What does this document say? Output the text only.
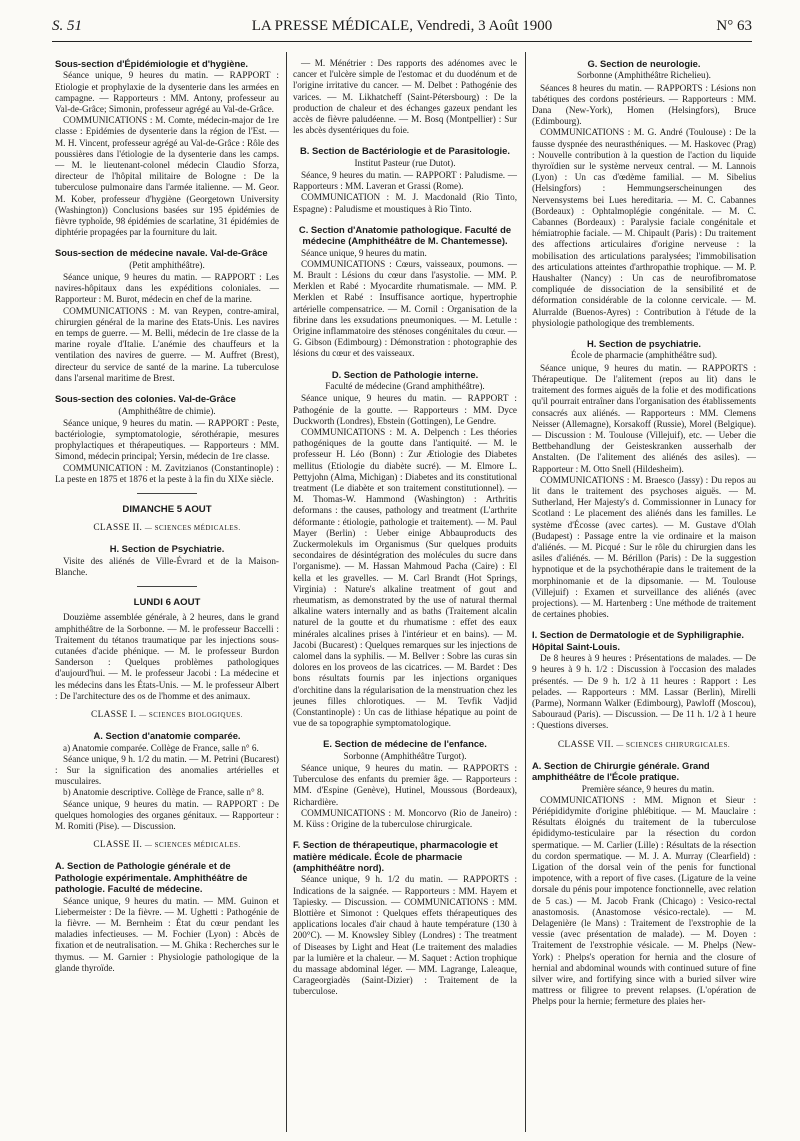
S. 51	LA PRESSE MÉDICALE, Vendredi, 3 Août 1900	N° 63
Sous-section d'Épidémiologie et d'hygiène.
Séance unique, 9 heures du matin. — RAPPORT : Etiologie et prophylaxie de la dysenterie dans les armées en campagne. — Rapporteurs : MM. Antony, professeur au Val-de-Grâce; Simonin, professeur agrégé au Val-de-Grâce.
COMMUNICATIONS : M. Comte, médecin-major de 1re classe : Epidémies de dysenterie dans la région de l'Est. — M. H. Vincent, professeur agrégé au Val-de-Grâce : Rôle des poussières dans l'étiologie de la dysenterie dans les camps. — M. le lieutenant-colonel médecin Claudio Sforza, directeur de l'hôpital militaire de Bologne : De la tuberculose pulmonaire dans l'armée italienne. — M. Geor. M. Kober, professeur d'hygiène (Georgetown University (Washington)) Conclusions basées sur 195 épidémies de fièvre typhoïde, 98 épidémies de scarlatine, 31 épidémies de diphtérie propagées par la fourniture du lait.
Sous-section de médecine navale. Val-de-Grâce
(Petit amphithéâtre).
Séance unique, 9 heures du matin. — RAPPORT : Les navires-hôpitaux dans les expéditions coloniales. — Rapporteur : M. Burot, médecin en chef de la marine.
COMMUNICATIONS : M. van Reypen, contre-amiral, chirurgien général de la marine des Etats-Unis. Les navires en temps de guerre. — M. Belli, médecin de 1re classe de la marine royale d'Italie. L'anémie des chauffeurs et la ventilation des navires de guerre. — M. Auffret (Brest), directeur du service de santé de la marine. La tuberculose dans l'arsenal maritime de Brest.
Sous-section des colonies. Val-de-Grâce
(Amphithéâtre de chimie).
Séance unique, 9 heures du matin. — RAPPORT : Peste, bactériologie, symptomatologie, sérothérapie, mesures prophylactiques et thérapeutiques. — Rapporteurs : MM. Simond, médecin principal; Yersin, médecin de 1re classe.
COMMUNICATION : M. Zavitzianos (Constantinople) : La peste en 1875 et 1876 et la peste à la fin du XIXe siècle.
DIMANCHE 5 AOUT
CLASSE II. — SCIENCES MÉDICALES.
H. Section de Psychiatrie.
Visite des aliénés de Ville-Évrard et de la Maison-Blanche.
LUNDI 6 AOUT
Douzième assemblée générale, à 2 heures, dans le grand amphithéâtre de la Sorbonne. — M. le professeur Baccelli : Traitement du tétanos traumatique par les injections sous-cutanées d'acide phénique. — M. le professeur Burdon Sanderson : Quelques problèmes pathologiques d'aujourd'hui. — M. le professeur Jacobi : La médecine et les médecins dans les États-Unis. — M. le professeur Albert : De l'architecture des os de l'homme et des animaux.
CLASSE I. — SCIENCES BIOLOGIQUES.
A. Section d'anatomie comparée.
a) Anatomie comparée. Collège de France, salle n° 6.
Séance unique, 9 h. 1/2 du matin. — M. Petrini (Bucarest) : Sur la signification des anomalies artérielles et musculaires.
b) Anatomie descriptive. Collège de France, salle n° 8.
Séance unique, 9 heures du matin. — RAPPORT : De quelques homologies des organes génitaux. — Rapporteur : M. Romiti (Pise). — Discussion.
CLASSE II. — SCIENCES MÉDICALES.
A. Section de Pathologie générale et de Pathologie expérimentale. Amphithéâtre de pathologie. Faculté de médecine.
Séance unique, 9 heures du matin. — MM. Guinon et Liebermeister : De la fièvre. — M. Ughetti : Pathogénie de la fièvre. — M. Bernheim : État du cœur pendant les maladies infectieuses. — M. Fochier (Lyon) : Abcès de fixation et de neutralisation. — M. Ghika : Recherches sur le thymus. — M. Garnier : Physiologie pathologique de la glande thyroïde.
— M. Ménétrier : Des rapports des adénomes avec le cancer et l'ulcère simple de l'estomac et du duodénum et de l'origine irritative du cancer. — M. Delbet : Pathogénie des varices. — M. Likhatcheff (Saint-Pétersbourg) : De la production de chaleur et des échanges gazeux pendant les accès de fièvre paludéenne. — M. Bosq (Montpellier) : Sur les abcès dysentériques du foie.
B. Section de Bactériologie et de Parasitologie.
Institut Pasteur (rue Dutot).
Séance, 9 heures du matin. — RAPPORT : Paludisme. — Rapporteurs : MM. Laveran et Grassi (Rome).
COMMUNICATION : M. J. Macdonald (Rio Tinto, Espagne) : Paludisme et moustiques à Rio Tinto.
C. Section d'Anatomie pathologique. Faculté de médecine (Amphithéâtre de M. Chantemesse).
Séance unique, 9 heures du matin.
COMMUNICATIONS : Cœurs, vaisseaux, poumons. — M. Brault : Lésions du cœur dans l'asystolie. — MM. P. Merklen et Rabé : Myocardite rhumatismale. — MM. P. Merklen et Rabé : Insuffisance aortique, hypertrophie artérielle compensatrice. — M. Cornil : Organisation de la fibrine dans les exsudations pneumoniques. — M. Letulle : Origine inflammatoire des sténoses congénitales du cœur. — G. Gibson (Edimbourg) : Démonstration : photographie des lésions du cœur et des vaisseaux.
D. Section de Pathologie interne.
Faculté de médecine (Grand amphithéâtre).
Séance unique, 9 heures du matin. — RAPPORT : Pathogénie de la goutte. — Rapporteurs : MM. Dyce Duckworth (Londres), Ebstein (Gottingen), Le Gendre.
COMMUNICATIONS : M. A. Delpench : Les théories pathogéniques de la goutte dans l'antiquité. — M. le professeur H. Léo (Bonn) : Zur Ætiologie des Diabetes mellitus (Etiologie du diabète sucré). — M. Elmore L. Pettyjohn (Alma, Michigan) : Diabetes and its constitutional treatment (Le diabète et son traitement constitutionnel). — M. Thomas-W. Hammond (Washington) : Arthritis deformans : the causes, pathology and treatment (L'arthrite déformante : étiologie, pathologie et traitement). — M. Paul Mayer (Berlin) : Ueber einige Abbauproducts des Zuckermolekuls im Organismus (Sur quelques produits secondaires de désintégration des molécules du sucre dans l'organisme). — M. Hassan Mahmoud Pacha (Caire) : El kella et les gravelles. — M. Carl Brandt (Hot Springs, Virginia) : Nature's alkaline treatment of gout and rheumatism, as demonstrated by the use of natural thermal alkaline waters internally and as baths (Traitement alcalin naturel de la goutte et du rhumatisme : effet des eaux minérales alcalines prises à l'intérieur et en bains). — M. Jacobi (Bucarest) : Quelques remarques sur les injections de calomel dans la syphilis. — M. Bellver : Sobre las curas sin dolores en los proveos de las cicatrices. — M. Bardet : Des bons résultats fournis par les injections organiques d'orchitine dans la régularisation de la menstruation chez les jeunes filles chlorotiques. — M. Tevfik Vadjid (Constantinople) : Un cas de lithiase hépatique au point de vue de sa topographie symptomatologique.
E. Section de médecine de l'enfance.
Sorbonne (Amphithéâtre Turgot).
Séance unique, 9 heures du matin. — RAPPORTS : Tuberculose des enfants du premier âge. — Rapporteurs : MM. d'Espine (Genève), Hutinel, Moussous (Bordeaux), Richardière.
COMMUNICATIONS : M. Moncorvo (Rio de Janeiro) : M. Küss : Origine de la tuberculose chirurgicale.
F. Section de thérapeutique, pharmacologie et matière médicale. École de pharmacie (amphithéâtre nord).
Séance unique, 9 h. 1/2 du matin. — RAPPORTS : Indications de la saignée. — Rapporteurs : MM. Hayem et Tapiesky. — Discussion. — COMMUNICATIONS : MM. Blottière et Simonot : Quelques effets thérapeutiques des applications locales d'air chaud à haute température (130 à 200°C). — M. Knowsley Sibley (Londres) : The treatment of Diseases by Light and Heat (Le traitement des maladies par la lumière et la chaleur. — M. Saquet : Action trophique du massage abdominal léger. — MM. Lagrange, Laleaque, Carageorgiadès (Saint-Dizier) : Traitement de la tuberculose.
G. Section de neurologie.
Sorbonne (Amphithéâtre Richelieu).
Séances 8 heures du matin. — RAPPORTS : Lésions non tabétiques des cordons postérieurs. — Rapporteurs : MM. Dana (New-York), Homen (Helsingfors), Bruce (Edimbourg).
COMMUNICATIONS : M. G. André (Toulouse) : De la fausse dyspnée des neurasthéniques. — M. Haskovec (Prag) : Nouvelle contribution à la question de l'action du liquide thyroïdien sur le système nerveux central. — M. Lannois (Lyon) : Un cas d'œdème familial. — M. Sibelius (Helsingfors) : Hemmungserscheinungen des Nervensystems bei Lues hereditaria. — M. C. Cabannes (Bordeaux) : Ophtalmoplégie congénitale. — M. C. Cabannes (Bordeaux) : Paralysie faciale congénitale et hémiatrophie faciale. — M. Chipault (Paris) : Du traitement des affections articulaires d'origine nerveuse : la mobilisation des articulations paralysées; l'immobilisation des articulations atteintes d'arthropathie trophique. — M. P. Haushalter (Nancy) : Un cas de neurofibromatose compliquée de dissociation de la sensibilité et de déformation considérable de la colonne cervicale. — M. Alurralde (Buenos-Ayres) : Contribution à l'étude de la physiologie pathologique des tremblements.
H. Section de psychiatrie.
École de pharmacie (amphithéâtre sud).
Séance unique, 9 heures du matin. — RAPPORTS : Thérapeutique. De l'alitement (repos au lit) dans le traitement des formes aiguës de la folie et des modifications qu'il pourrait entraîner dans l'organisation des établissements consacrés aux aliénés. — Rapporteurs : MM. Clemens Neisser (Allemagne), Korsakoff (Russie), Morel (Belgique). — Discussion : M. Toulouse (Villejuif), etc. — Ueber die Bettbehandlung der Geisteskranken ausserhalb der Anstalten. (De l'alitement des aliénés des asiles). — Rapporteur : M. Otto Snell (Hildesheim).
COMMUNICATIONS : M. Braesco (Jassy) : Du repos au lit dans le traitement des psychoses aiguës. — M. Sutherland, Her Majesty's d. Commissionner in Lunacy for Scotland : Le placement des aliénés dans les familles. Le système d'Écosse (avec cartes). — M. Gustave d'Olah (Budapest) : Passage entre la vie ordinaire et la maison d'aliénés. — M. Picqué : Sur le rôle du chirurgien dans les asiles d'aliénés. — M. Bérillon (Paris) : De la suggestion hypnotique et de la psychothérapie dans le traitement de la morphinomanie et de la dipsomanie. — M. Toulouse (Villejuif) : Examen et surveillance des aliénés (avec projections). — M. Hartenberg : Une méthode de traitement de certaines phobies.
I. Section de Dermatologie et de Syphiligraphie. Hôpital Saint-Louis.
De 8 heures à 9 heures : Présentations de malades. — De 9 heures à 9 h. 1/2 : Discussion à l'occasion des malades présentés. — De 9 h. 1/2 à 11 heures : Rapport : Les pelades. — Rapporteurs : MM. Lassar (Berlin), Mirelli (Parme), Normann Walker (Edimbourg), Pawloff (Moscou), Sabouraud (Paris). — Discussion. — De 11 h. 1/2 à 1 heure : Questions diverses.
CLASSE VII. — SCIENCES CHIRURGICALES.
A. Section de Chirurgie générale. Grand amphithéâtre de l'École pratique.
Première séance, 9 heures du matin.
COMMUNICATIONS : MM. Mignon et Sieur : Périépididymite d'origine phlébitique. — M. Mauclaire : Résultats éloignés du traitement de la tuberculose épididymo-testiculaire par la résection du cordon spermatique. — M. Carlier (Lille) : Résultats de la résection du cordon spermatique. — M. J. A. Murray (Clearfield) : Ligation of the dorsal vein of the penis for functional impotence, with a report of five cases. (Ligature de la veine dorsale du pénis pour impotence fonctionnelle, avec relation de 5 cas.) — M. Jacob Frank (Chicago) : Vesico-rectal anastomosis. (Anastomose vésico-rectale). — M. Delagenière (le Mans) : Traitement de l'exstrophie de la vessie (avec présentation de malade). — M. Doyen : Traitement de l'exstrophie vésicale. — M. Phelps (New-York) : Phelps's operation for hernia and the closure of hernial and abdominal wounds with continued suture of fine silver wire, and fortifying since with a buried silver wire mattress or filigree to prevent relapses. (L'opération de Phelps pour la hernie; fermeture des plaies her-
